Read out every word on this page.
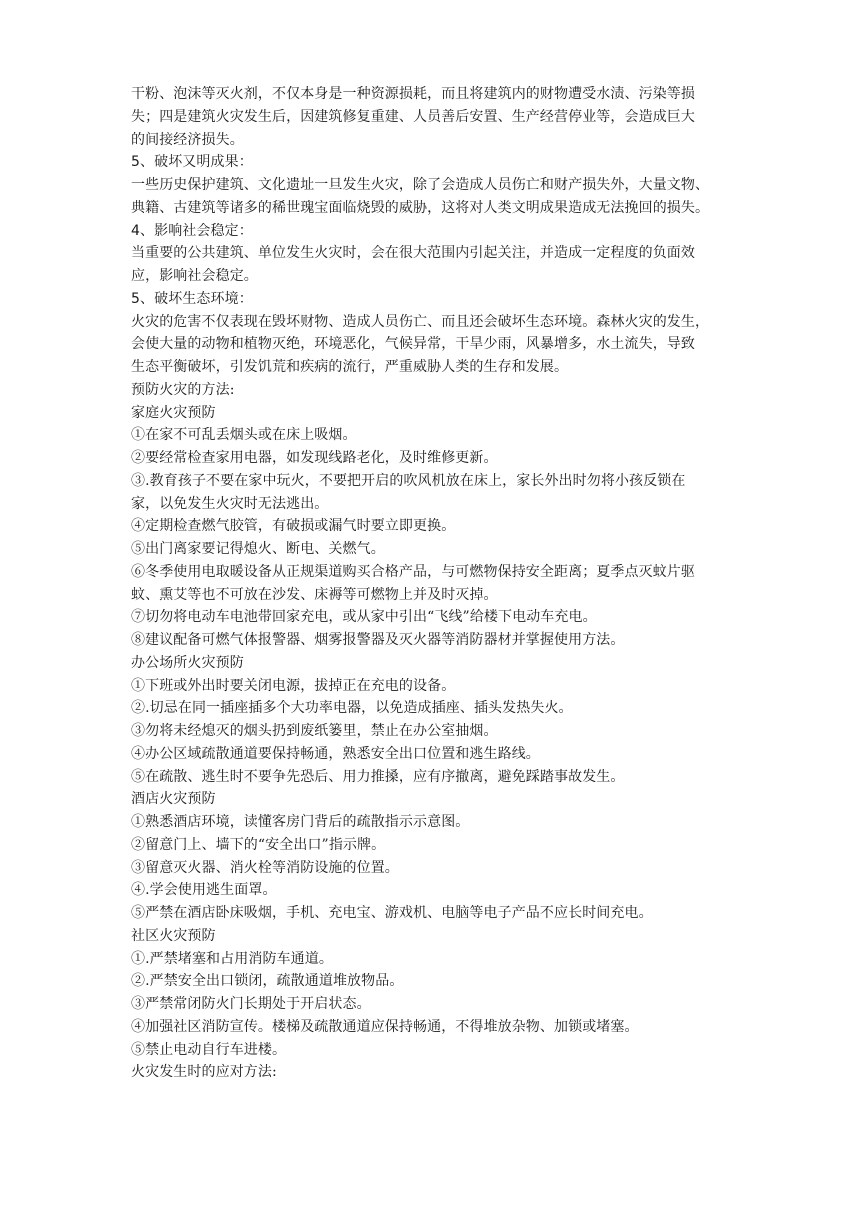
干粉、泡沫等灭火剂，不仅本身是一种资源损耗，而且将建筑内的财物遭受水渍、污染等损
失；四是建筑火灾发生后，因建筑修复重建、人员善后安置、生产经营停业等，会造成巨大
的间接经济损失。
5、破坏又明成果：
一些历史保护建筑、文化遗址一旦发生火灾，除了会造成人员伤亡和财产损失外，大量文物、
典籍、古建筑等诸多的稀世瑰宝面临烧毁的威胁，这将对人类文明成果造成无法挽回的损失。
4、影响社会稳定：
当重要的公共建筑、单位发生火灾时，会在很大范围内引起关注，并造成一定程度的负面效
应，影响社会稳定。
5、破坏生态环境：
火灾的危害不仅表现在毁坏财物、造成人员伤亡、而且还会破坏生态环境。森林火灾的发生，
会使大量的动物和植物灭绝，环境恶化，气候异常，干旱少雨，风暴增多，水土流失，导致
生态平衡破坏，引发饥荒和疾病的流行，严重威胁人类的生存和发展。
预防火灾的方法:
家庭火灾预防
①在家不可乱丢烟头或在床上吸烟。
②要经常检查家用电器，如发现线路老化，及时维修更新。
③.教育孩子不要在家中玩火，不要把开启的吹风机放在床上，家长外出时勿将小孩反锁在
家，以免发生火灾时无法逃出。
④定期检查燃气胶管，有破损或漏气时要立即更换。
⑤出门离家要记得熄火、断电、关燃气。
⑥冬季使用电取暖设备从正规渠道购买合格产品，与可燃物保持安全距离；夏季点灭蚊片驱
蚊、熏艾等也不可放在沙发、床褥等可燃物上并及时灭掉。
⑦切勿将电动车电池带回家充电，或从家中引出“飞线”给楼下电动车充电。
⑧建议配备可燃气体报警器、烟雾报警器及灭火器等消防器材并掌握使用方法。
办公场所火灾预防
①下班或外出时要关闭电源，拔掉正在充电的设备。
②.切忌在同一插座插多个大功率电器，以免造成插座、插头发热失火。
③勿将未经熄灭的烟头扔到废纸篓里，禁止在办公室抽烟。
④办公区域疏散通道要保持畅通，熟悉安全出口位置和逃生路线。
⑤在疏散、逃生时不要争先恐后、用力推搡，应有序撤离，避免踩踏事故发生。
酒店火灾预防
①熟悉酒店环境，读懂客房门背后的疏散指示示意图。
②留意门上、墙下的“安全出口”指示牌。
③留意灭火器、消火栓等消防设施的位置。
④.学会使用逃生面罩。
⑤严禁在酒店卧床吸烟，手机、充电宝、游戏机、电脑等电子产品不应长时间充电。
社区火灾预防
①.严禁堵塞和占用消防车通道。
②.严禁安全出口锁闭，疏散通道堆放物品。
③严禁常闭防火门长期处于开启状态。
④加强社区消防宣传。楼梯及疏散通道应保持畅通，不得堆放杂物、加锁或堵塞。
⑤禁止电动自行车进楼。
火灾发生时的应对方法:
